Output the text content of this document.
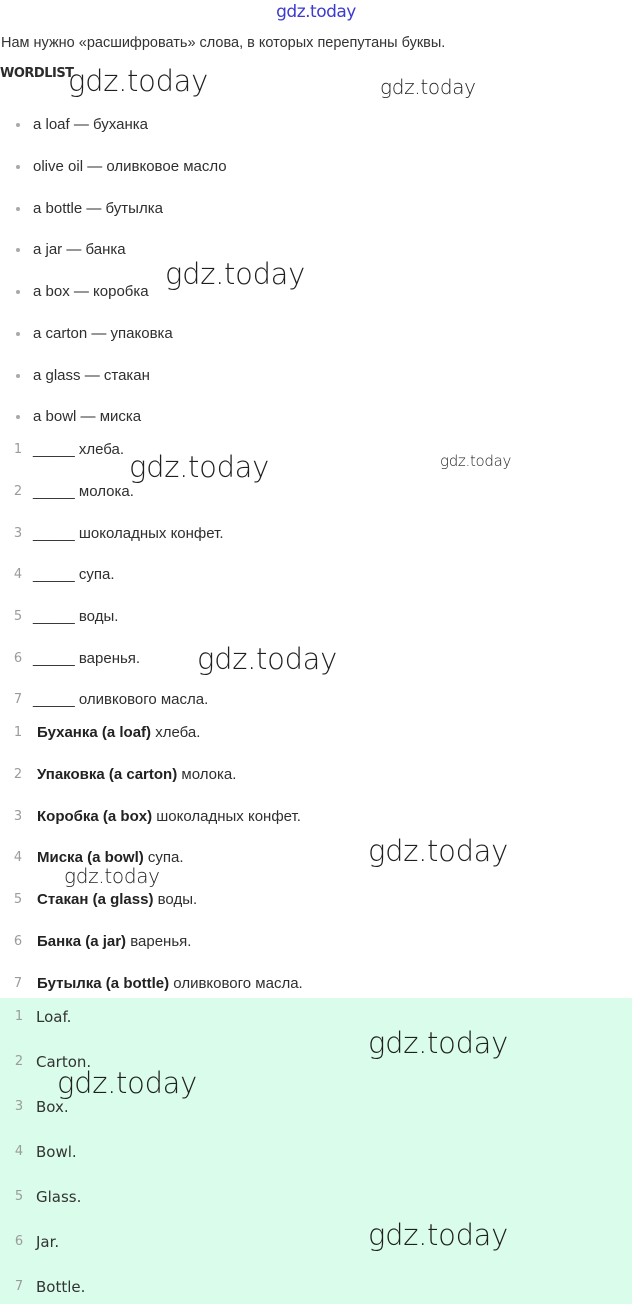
gdz.today
Нам нужно «расшифровать» слова, в которых перепутаны буквы.
WORDLIST
a loaf — буханка
olive oil — оливковое масло
a bottle — бутылка
a jar — банка
a box — коробка
a carton — упаковка
a glass — стакан
a bowl — миска
1 _____ хлеба.
2 _____ молока.
3 _____ шоколадных конфет.
4 _____ супа.
5 _____ воды.
6 _____ варенья.
7 _____ оливкового масла.
1 Буханка (a loaf) хлеба.
2 Упаковка (a carton) молока.
3 Коробка (a box) шоколадных конфет.
4 Миска (a bowl) супа.
5 Стакан (a glass) воды.
6 Банка (a jar) варенья.
7 Бутылка (a bottle) оливкового масла.
1 Loaf.
2 Carton.
3 Box.
4 Bowl.
5 Glass.
6 Jar.
7 Bottle.
gdz.today	gdz.today
gdz.today
gdz.today	gdz.today
gdz.today
gdz.today
gdz.today
gdz.today
gdz.today
gdz.today
